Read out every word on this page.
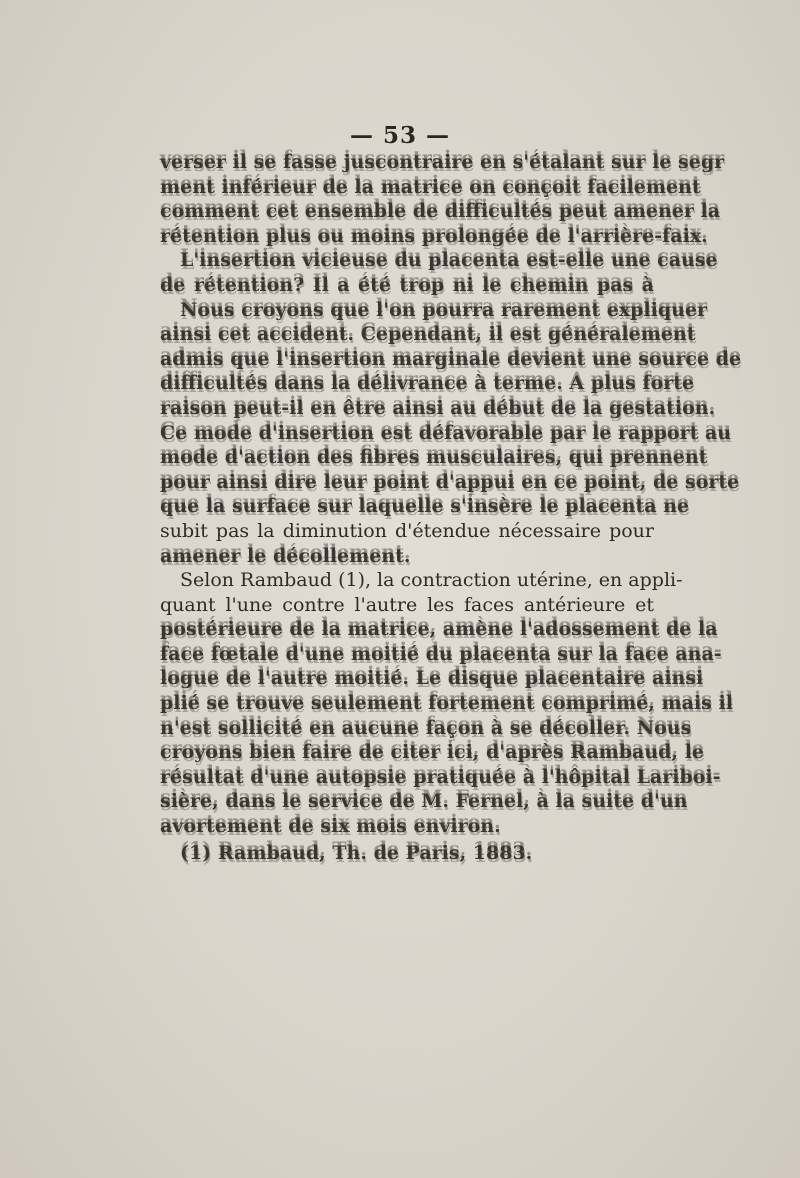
— 53 —
verser il se fasse juscontraire en s'étalant sur le segr
ment inférieur de la matrice on conçoit facilement
comment cet ensemble de difficultés peut amener la
rétention plus ou moins prolongée de l'arrière-faix.
L'insertion vicieuse du placenta est-elle une cause
de rétention? Il a été trop ni le chemin pas à
Nous croyons que l'on pourra rarement expliquer
ainsi cet accident. Cependant, il est généralement
admis que l'insertion marginale devient une source de
difficultés dans la délivrance à terme. A plus forte
raison peut-il en être ainsi au début de la gestation.
Ce mode d'insertion est défavorable par le rapport au
mode d'action des fibres musculaires, qui prennent
pour ainsi dire leur point d'appui en ce point, de sorte
que la surface sur laquelle s'insère le placenta ne
subit pas la diminution d'étendue nécessaire pour
amener le décollement.
Selon Rambaud (1), la contraction utérine, en appli-
quant l'une contre l'autre les faces antérieure et
postérieure de la matrice, amène l'adossement de la
face fœtale d'une moitié du placenta sur la face ana-
logue de l'autre moitié. Le disque placentaire ainsi
plié se trouve seulement fortement comprimé, mais il
n'est sollicité en aucune façon à se décoller. Nous
croyons bien faire de citer ici, d'après Rambaud, le
résultat d'une autopsie pratiquée à l'hôpital Lariboi-
sière, dans le service de M. Fernel, à la suite d'un
avortement de six mois environ.
(1) Rambaud, Th. de Paris, 1883.
